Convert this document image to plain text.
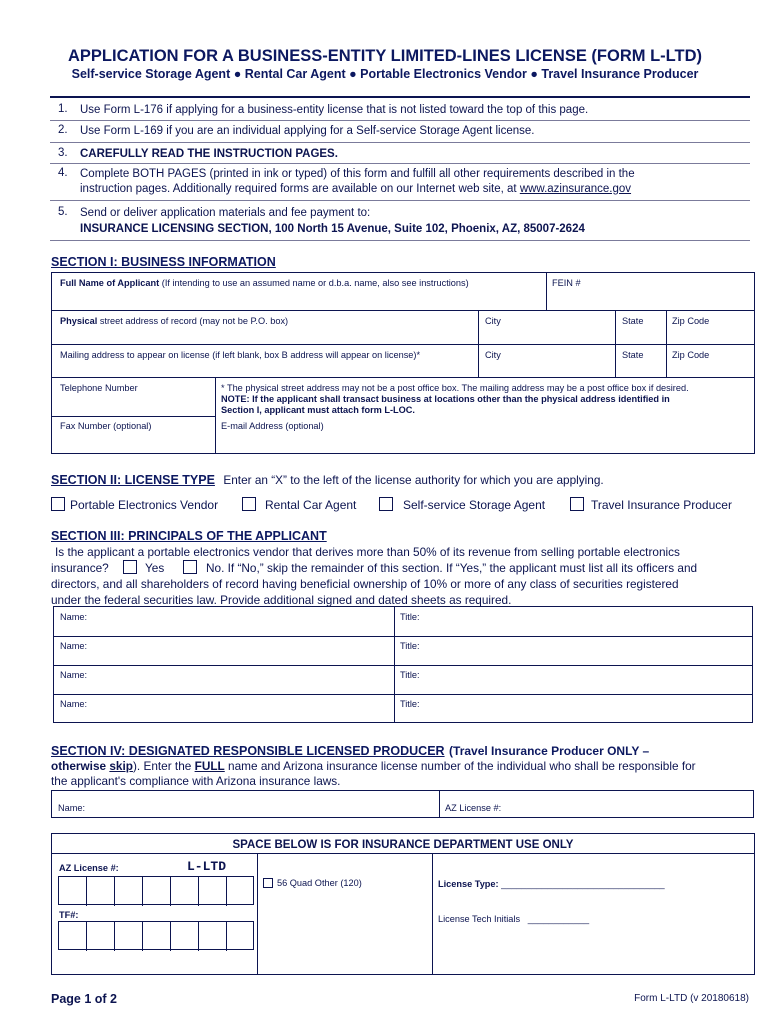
APPLICATION FOR A BUSINESS-ENTITY LIMITED-LINES LICENSE (FORM L-LTD)
Self-service Storage Agent ● Rental Car Agent ● Portable Electronics Vendor ● Travel Insurance Producer
1. Use Form L-176 if applying for a business-entity license that is not listed toward the top of this page.
2. Use Form L-169 if you are an individual applying for a Self-service Storage Agent license.
3. CAREFULLY READ THE INSTRUCTION PAGES.
4. Complete BOTH PAGES (printed in ink or typed) of this form and fulfill all other requirements described in the
instruction pages. Additionally required forms are available on our Internet web site, at www.azinsurance.gov
5. Send or deliver application materials and fee payment to:
INSURANCE LICENSING SECTION, 100 North 15 Avenue, Suite 102, Phoenix, AZ, 85007-2624
SECTION I: BUSINESS INFORMATION
Full Name of Applicant (If intending to use an assumed name or d.b.a. name, also see instructions)	FEIN #
Physical street address of record (may not be P.O. box)	City	State	Zip Code
Mailing address to appear on license (if left blank, box B address will appear on license)*	City	State	Zip Code
Telephone Number	* The physical street address may not be a post office box. The mailing address may be a post office box if desired.
NOTE: If the applicant shall transact business at locations other than the physical address identified in
Section I, applicant must attach form L-LOC.
Fax Number (optional)	E-mail Address (optional)
SECTION II: LICENSE TYPE Enter an “X” to the left of the license authority for which you are applying.
Portable Electronics Vendor	Rental Car Agent	Self-service Storage Agent	Travel Insurance Producer
SECTION III: PRINCIPALS OF THE APPLICANT
Is the applicant a portable electronics vendor that derives more than 50% of its revenue from selling portable electronics
insurance?	Yes	No. If “No,” skip the remainder of this section. If “Yes,” the applicant must list all its officers and
directors, and all shareholders of record having beneficial ownership of 10% or more of any class of securities registered
under the federal securities law. Provide additional signed and dated sheets as required.
Name:	Title:
Name:	Title:
Name:	Title:
Name:	Title:
SECTION IV: DESIGNATED RESPONSIBLE LICENSED PRODUCER (Travel Insurance Producer ONLY –
otherwise skip). Enter the FULL name and Arizona insurance license number of the individual who shall be responsible for
the applicant's compliance with Arizona insurance laws.
Name:	AZ License #:
SPACE BELOW IS FOR INSURANCE DEPARTMENT USE ONLY
AZ License #:	L-LTD
TF#:
56 Quad Other (120)	License Type: ________________________________
License Tech Initials ____________
Page 1 of 2	Form L-LTD (v 20180618)
